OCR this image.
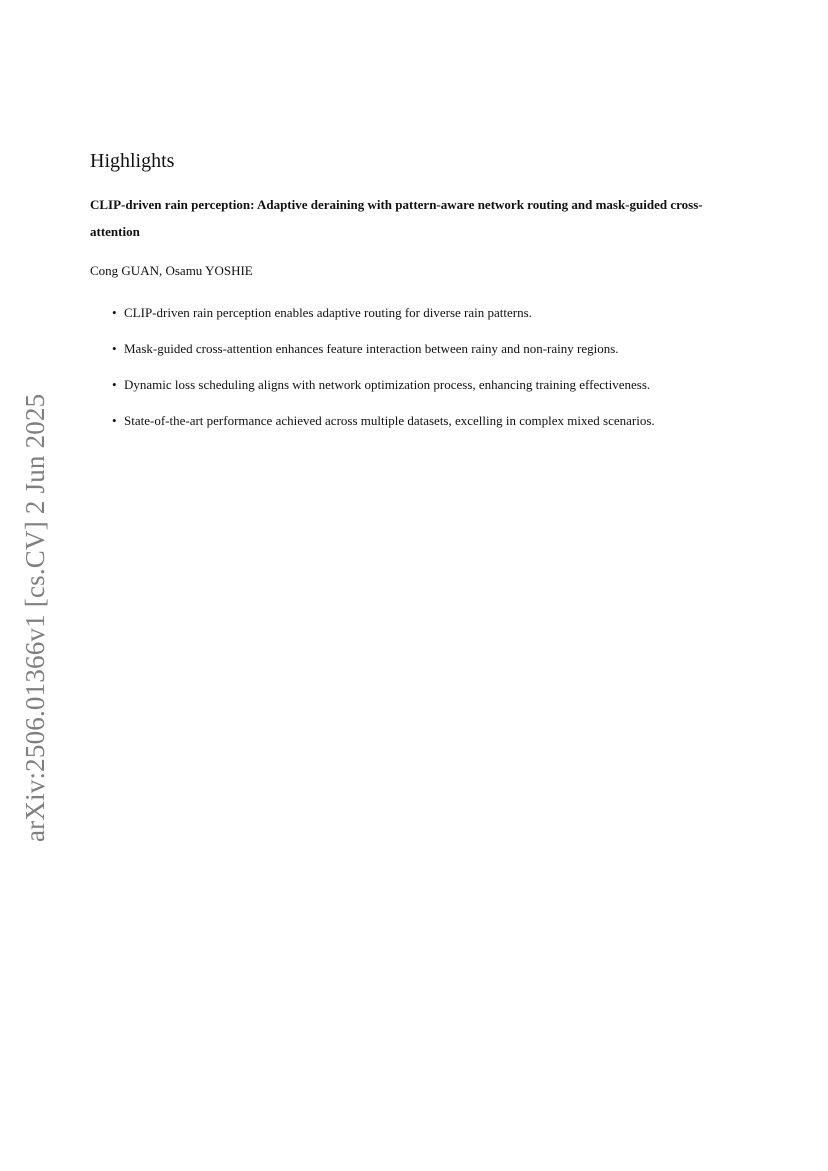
arXiv:2506.01366v1 [cs.CV] 2 Jun 2025
Highlights
CLIP-driven rain perception: Adaptive deraining with pattern-aware network routing and mask-guided cross-attention
Cong GUAN, Osamu YOSHIE
• CLIP-driven rain perception enables adaptive routing for diverse rain patterns.
• Mask-guided cross-attention enhances feature interaction between rainy and non-rainy regions.
• Dynamic loss scheduling aligns with network optimization process, enhancing training effectiveness.
• State-of-the-art performance achieved across multiple datasets, excelling in complex mixed scenarios.
